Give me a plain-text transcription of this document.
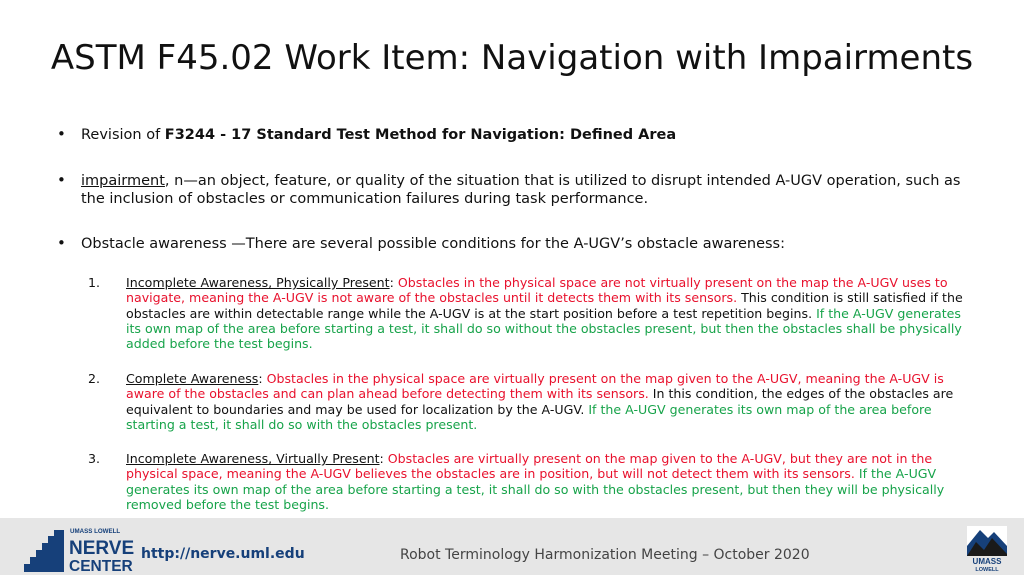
ASTM F45.02 Work Item: Navigation with Impairments
• Revision of F3244 - 17 Standard Test Method for Navigation: Defined Area
• impairment, n—an object, feature, or quality of the situation that is utilized to disrupt intended A-UGV operation, such as the inclusion of obstacles or communication failures during task performance.
• Obstacle awareness —There are several possible conditions for the A-UGV’s obstacle awareness:
1. Incomplete Awareness, Physically Present: Obstacles in the physical space are not virtually present on the map the A-UGV uses to navigate, meaning the A-UGV is not aware of the obstacles until it detects them with its sensors. This condition is still satisfied if the obstacles are within detectable range while the A-UGV is at the start position before a test repetition begins. If the A-UGV generates its own map of the area before starting a test, it shall do so without the obstacles present, but then the obstacles shall be physically added before the test begins.
2. Complete Awareness: Obstacles in the physical space are virtually present on the map given to the A-UGV, meaning the A-UGV is aware of the obstacles and can plan ahead before detecting them with its sensors. In this condition, the edges of the obstacles are equivalent to boundaries and may be used for localization by the A-UGV. If the A-UGV generates its own map of the area before starting a test, it shall do so with the obstacles present.
3. Incomplete Awareness, Virtually Present: Obstacles are virtually present on the map given to the A-UGV, but they are not in the physical space, meaning the A-UGV believes the obstacles are in position, but will not detect them with its sensors. If the A-UGV generates its own map of the area before starting a test, it shall do so with the obstacles present, but then they will be physically removed before the test begins.
UMASS LOWELL
NERVE
CENTER
http://nerve.uml.edu	Robot Terminology Harmonization Meeting – October 2020	UMASS
LOWELL
